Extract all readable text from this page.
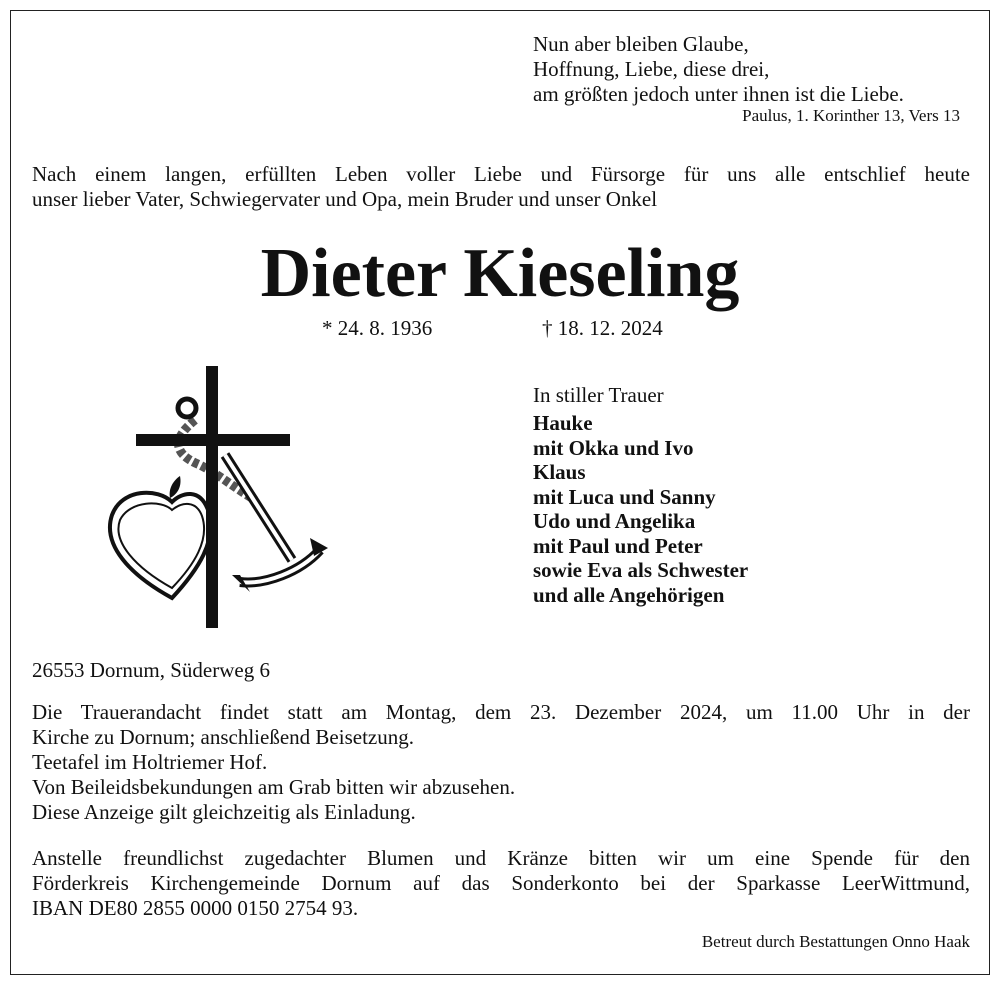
Nun aber bleiben Glaube,
Hoffnung, Liebe, diese drei,
am größten jedoch unter ihnen ist die Liebe.
Paulus, 1. Korinther 13, Vers 13
Nach einem langen, erfüllten Leben voller Liebe und Fürsorge für uns alle entschlief heute
unser lieber Vater, Schwiegervater und Opa, mein Bruder und unser Onkel
Dieter Kieseling
* 24. 8. 1936	† 18. 12. 2024
In stiller Trauer
Hauke
mit Okka und Ivo
Klaus
mit Luca und Sanny
Udo und Angelika
mit Paul und Peter
sowie Eva als Schwester
und alle Angehörigen
26553 Dornum, Süderweg 6
Die Trauerandacht findet statt am Montag, dem 23. Dezember 2024, um 11.00 Uhr in der
Kirche zu Dornum; anschließend Beisetzung.
Teetafel im Holtriemer Hof.
Von Beileidsbekundungen am Grab bitten wir abzusehen.
Diese Anzeige gilt gleichzeitig als Einladung.
Anstelle freundlichst zugedachter Blumen und Kränze bitten wir um eine Spende für den
Förderkreis Kirchengemeinde Dornum auf das Sonderkonto bei der Sparkasse LeerWittmund,
IBAN DE80 2855 0000 0150 2754 93.
Betreut durch Bestattungen Onno Haak
